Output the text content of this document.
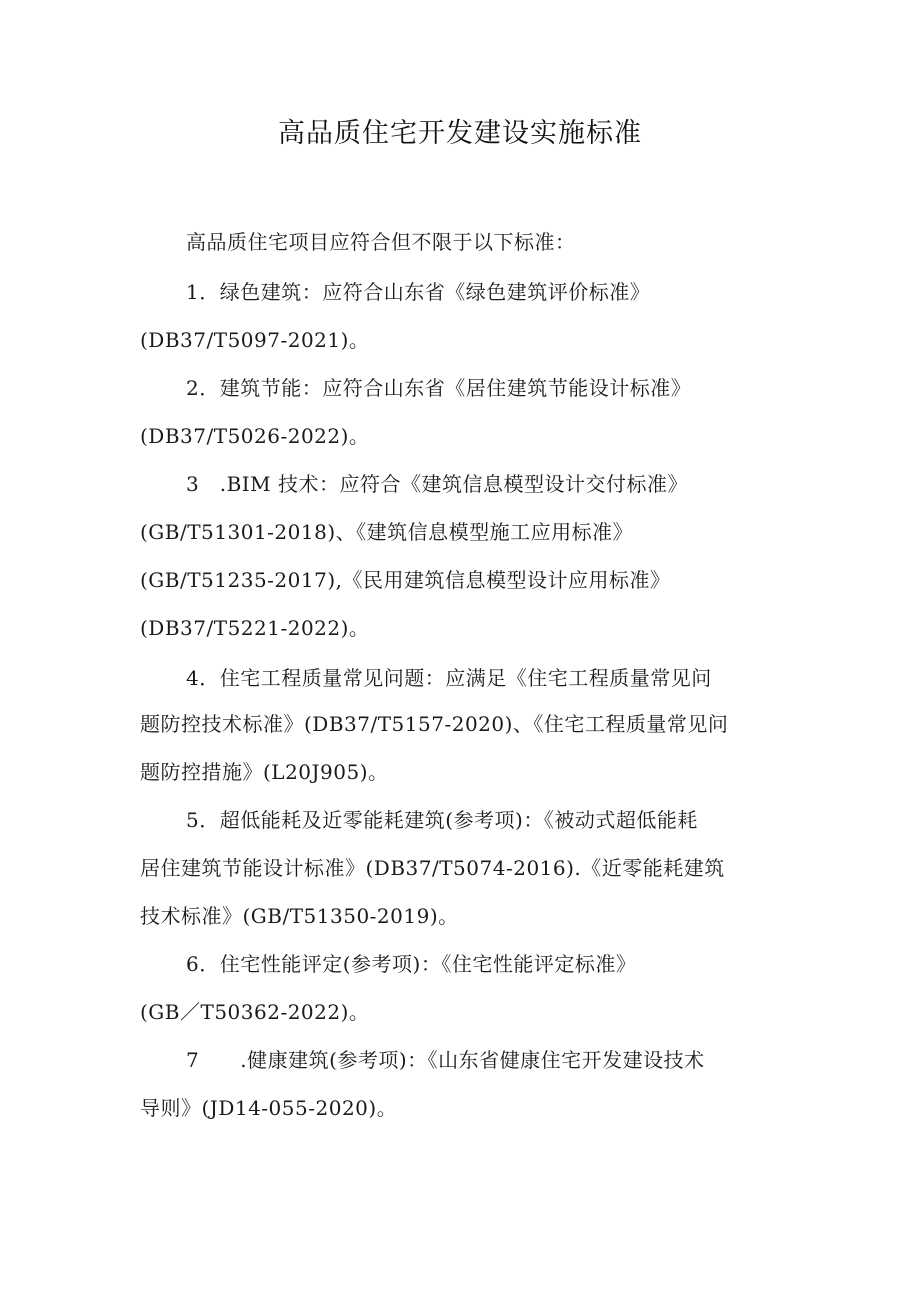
高品质住宅开发建设实施标准
高品质住宅项目应符合但不限于以下标准：
1．绿色建筑：应符合山东省《绿色建筑评价标准》
(DB37/T5097-2021)。
2．建筑节能：应符合山东省《居住建筑节能设计标准》
(DB37/T5026-2022)。
3　.BIM 技术：应符合《建筑信息模型设计交付标准》
(GB/T51301-2018)、《建筑信息模型施工应用标准》
(GB/T51235-2017),《民用建筑信息模型设计应用标准》
(DB37/T5221-2022)。
4．住宅工程质量常见问题：应满足《住宅工程质量常见问
题防控技术标准》(DB37/T5157-2020)、《住宅工程质量常见问
题防控措施》(L20J905)。
5．超低能耗及近零能耗建筑(参考项)：《被动式超低能耗
居住建筑节能设计标准》(DB37/T5074-2016).《近零能耗建筑
技术标准》(GB/T51350-2019)。
6．住宅性能评定(参考项)：《住宅性能评定标准》
(GB／T50362-2022)。
7　　.健康建筑(参考项)：《山东省健康住宅开发建设技术
导则》(JD14-055-2020)。
